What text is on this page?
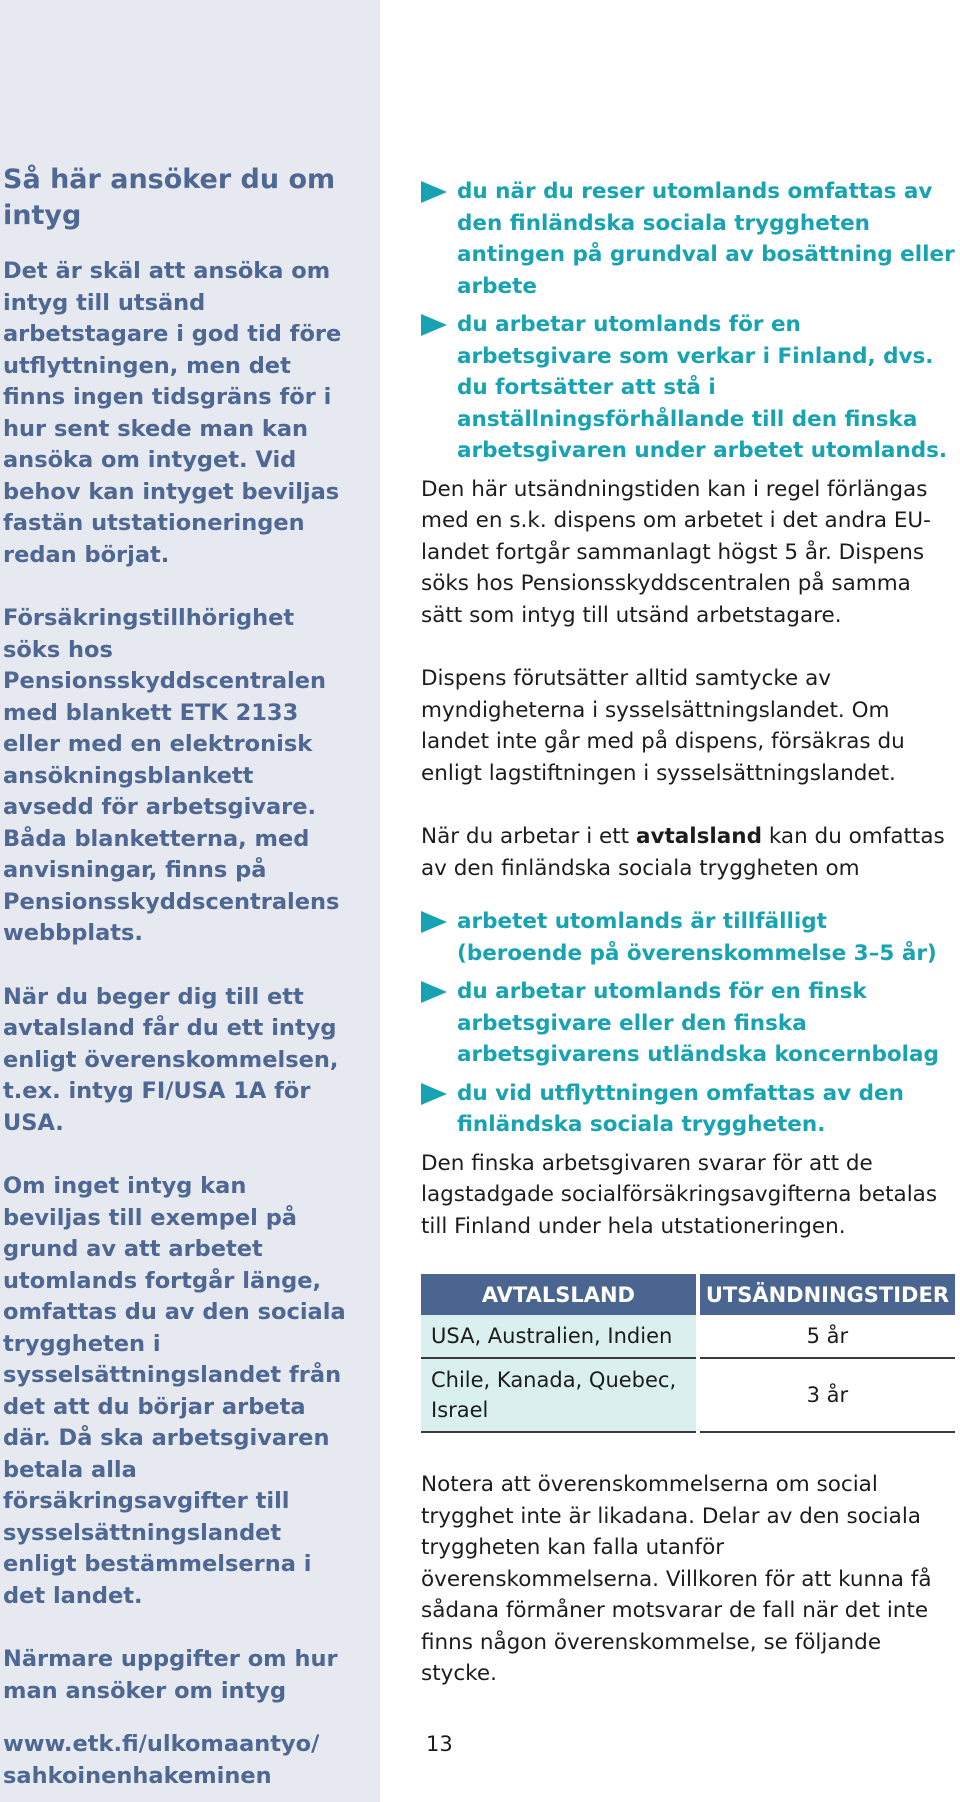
Så här ansöker du om intyg

Det är skäl att ansöka om intyg till utsänd arbetstagare i god tid före utflyttningen, men det finns ingen tidsgräns för i hur sent skede man kan ansöka om intyget. Vid behov kan intyget beviljas fastän utstationeringen redan börjat.

Försäkringstillhörighet söks hos Pensionsskyddscentralen med blankett ETK 2133 eller med en elektronisk ansökningsblankett avsedd för arbetsgivare. Båda blanketterna, med anvisningar, finns på Pensionsskyddscentralens webbplats.

När du beger dig till ett avtalsland får du ett intyg enligt överenskommelsen, t.ex. intyg FI/USA 1A för USA.

Om inget intyg kan beviljas till exempel på grund av att arbetet utomlands fortgår länge, omfattas du av den sociala tryggheten i sysselsättningslandet från det att du börjar arbeta där. Då ska arbetsgivaren betala alla försäkringsavgifter till sysselsättningslandet enligt bestämmelserna i det landet.

Närmare uppgifter om hur man ansöker om intyg

www.etk.fi/ulkomaantyo/
sahkoinenhakeminen
du när du reser utomlands omfattas av den finländska sociala tryggheten antingen på grundval av bosättning eller arbete
du arbetar utomlands för en arbetsgivare som verkar i Finland, dvs. du fortsätter att stå i anställningsförhållande till den finska arbetsgivaren under arbetet utomlands.

Den här utsändningstiden kan i regel förlängas med en s.k. dispens om arbetet i det andra EU-landet fortgår sammanlagt högst 5 år. Dispens söks hos Pensionsskyddscentralen på samma sätt som intyg till utsänd arbetstagare.

Dispens förutsätter alltid samtycke av myndigheterna i sysselsättningslandet. Om landet inte går med på dispens, försäkras du enligt lagstiftningen i sysselsättningslandet.

När du arbetar i ett avtalsland kan du omfattas av den finländska sociala tryggheten om

arbetet utomlands är tillfälligt (beroende på överenskommelse 3–5 år)
du arbetar utomlands för en finsk arbetsgivare eller den finska arbetsgivarens utländska koncernbolag
du vid utflyttningen omfattas av den finländska sociala tryggheten.

Den finska arbetsgivaren svarar för att de lagstadgade socialförsäkringsavgifterna betalas till Finland under hela utstationeringen.

AVTALSLAND	UTSÄNDNINGSTIDER
USA, Australien, Indien	5 år
Chile, Kanada, Quebec, Israel	3 år

Notera att överenskommelserna om social trygghet inte är likadana. Delar av den sociala tryggheten kan falla utanför överenskommelserna. Villkoren för att kunna få sådana förmåner motsvarar de fall när det inte finns någon överenskommelse, se följande stycke.

13
